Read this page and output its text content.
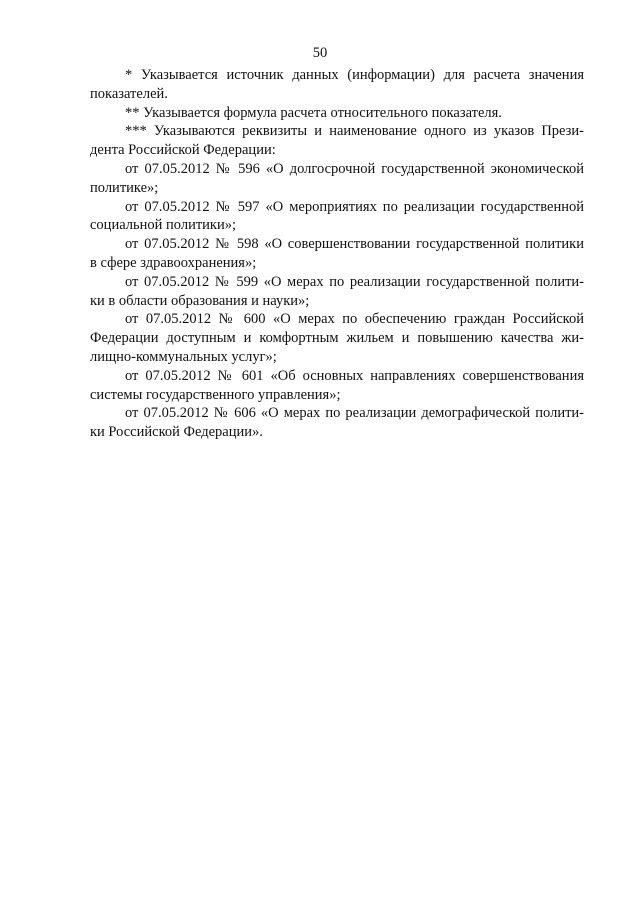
50
* Указывается источник данных (информации) для расчета значения
показателей.
** Указывается формула расчета относительного показателя.
*** Указываются реквизиты и наименование одного из указов Прези-
дента Российской Федерации:
от 07.05.2012 № 596 «О долгосрочной государственной экономической
политике»;
от 07.05.2012 № 597 «О мероприятиях по реализации государственной
социальной политики»;
от 07.05.2012 № 598 «О совершенствовании государственной политики
в сфере здравоохранения»;
от 07.05.2012 № 599 «О мерах по реализации государственной полити-
ки в области образования и науки»;
от 07.05.2012 № 600 «О мерах по обеспечению граждан Российской
Федерации доступным и комфортным жильем и повышению качества жи-
лищно-коммунальных услуг»;
от 07.05.2012 № 601 «Об основных направлениях совершенствования
системы государственного управления»;
от 07.05.2012 № 606 «О мерах по реализации демографической полити-
ки Российской Федерации».
